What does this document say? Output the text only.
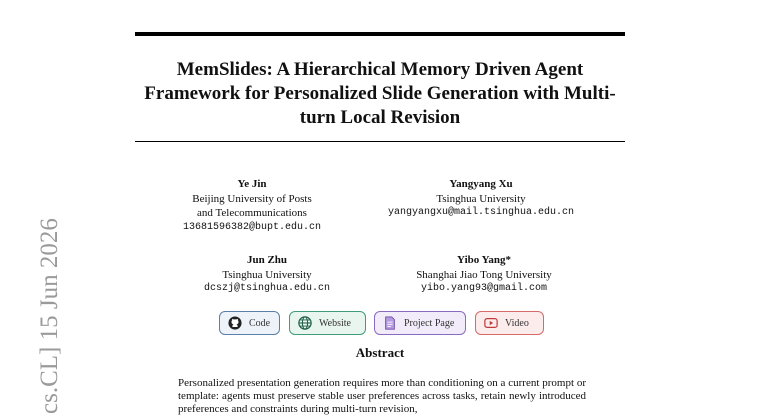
cs.CL] 15 Jun 2026
MemSlides: A Hierarchical Memory Driven Agent Framework for Personalized Slide Generation with Multi-turn Local Revision
Ye Jin
Beijing University of Posts
and Telecommunications
13681596382@bupt.edu.cn
Yangyang Xu
Tsinghua University
yangyangxu@mail.tsinghua.edu.cn
Jun Zhu
Tsinghua University
dcszj@tsinghua.edu.cn
Yibo Yang*
Shanghai Jiao Tong University
yibo.yang93@gmail.com
Code	Website	Project Page	Video
Abstract
Personalized presentation generation requires more than conditioning on a current prompt or template: agents must preserve stable user preferences across tasks, retain newly introduced preferences and constraints during multi-turn revision,
